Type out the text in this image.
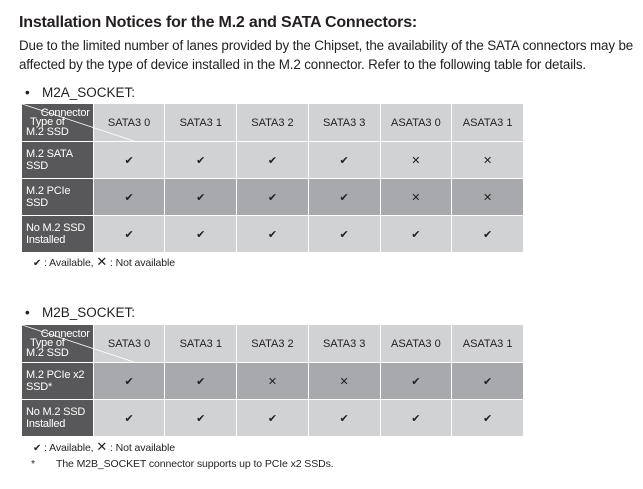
Installation Notices for the M.2 and SATA Connectors:
Due to the limited number of lanes provided by the Chipset, the availability of the SATA connectors may be affected by the type of device installed in the M.2 connector. Refer to the following table for details.
• M2A_SOCKET:
Connector
Type of
M.2 SSD	SATA3 0	SATA3 1	SATA3 2	SATA3 3	ASATA3 0	ASATA3 1
M.2 SATA SSD	✔	✔	✔	✔	✕	✕
M.2 PCIe SSD	✔	✔	✔	✔	✕	✕
No M.2 SSD Installed	✔	✔	✔	✔	✔	✔
✔ : Available, ✕ : Not available
• M2B_SOCKET:
Connector
Type of
M.2 SSD	SATA3 0	SATA3 1	SATA3 2	SATA3 3	ASATA3 0	ASATA3 1
M.2 PCIe x2 SSD*	✔	✔	✕	✕	✔	✔
No M.2 SSD Installed	✔	✔	✔	✔	✔	✔
✔ : Available, ✕ : Not available
* The M2B_SOCKET connector supports up to PCIe x2 SSDs.
